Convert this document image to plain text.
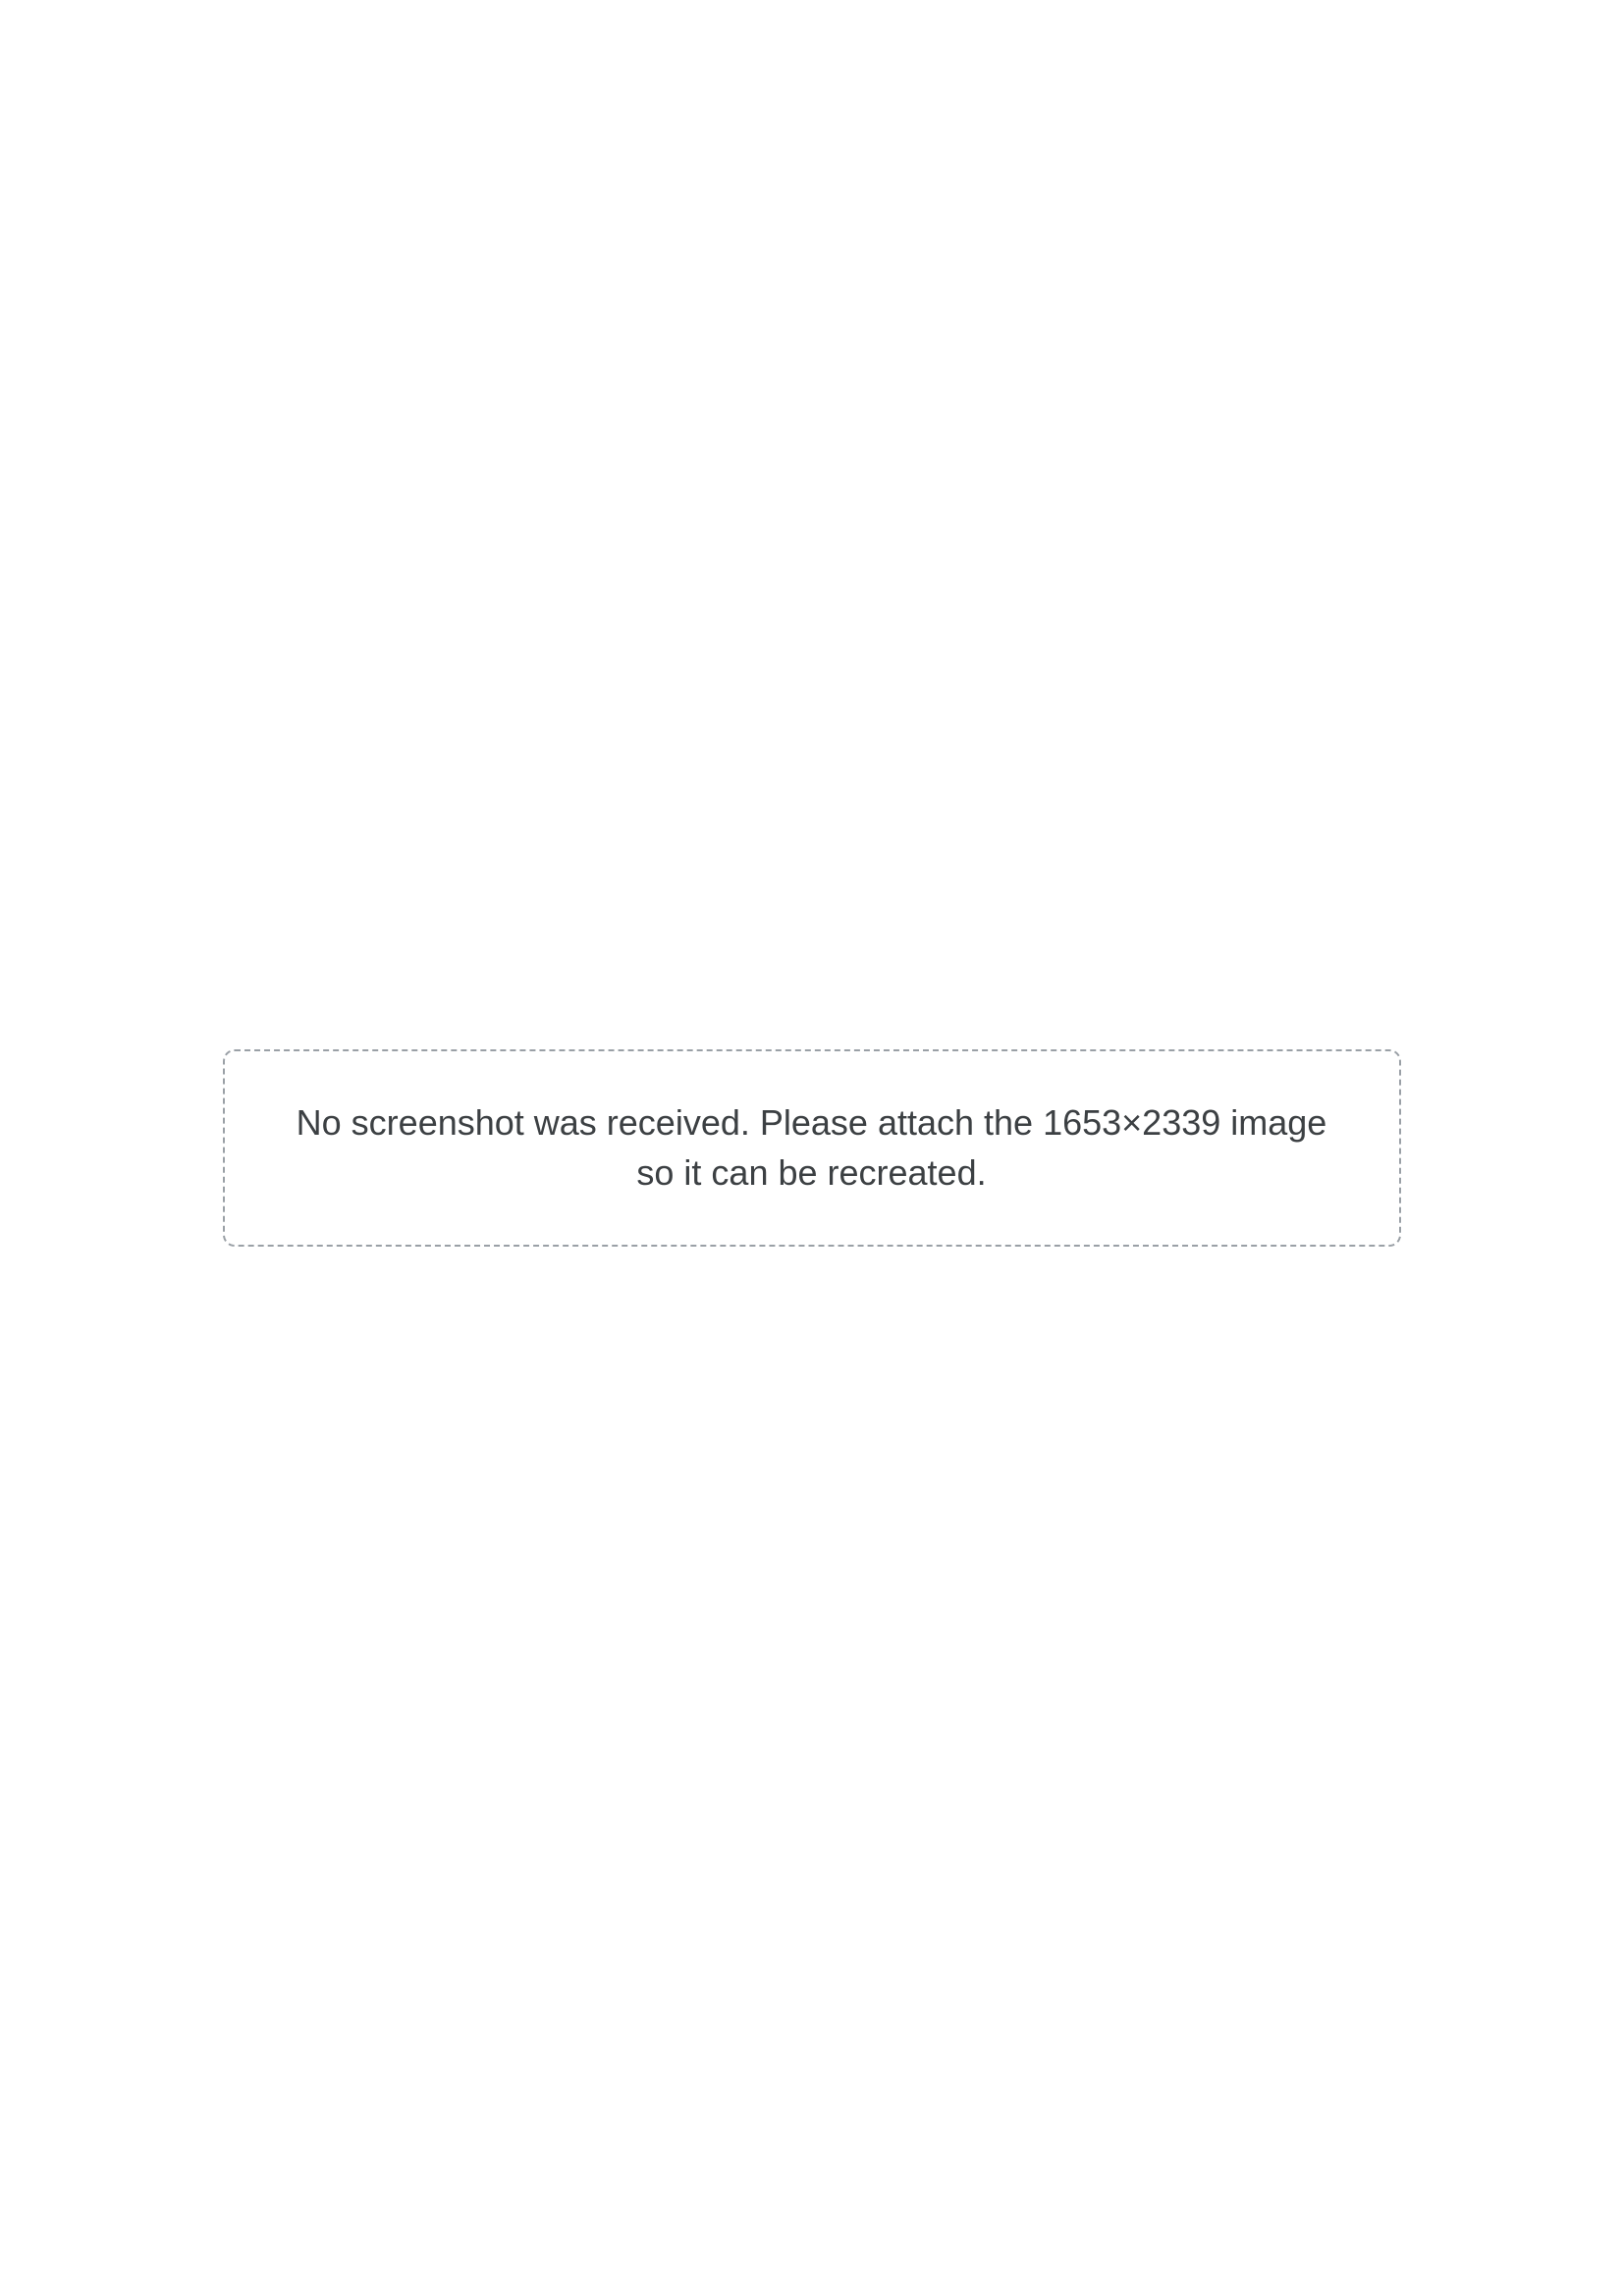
No screenshot was received. Please attach the 1653×2339 image so it can be recreated.
